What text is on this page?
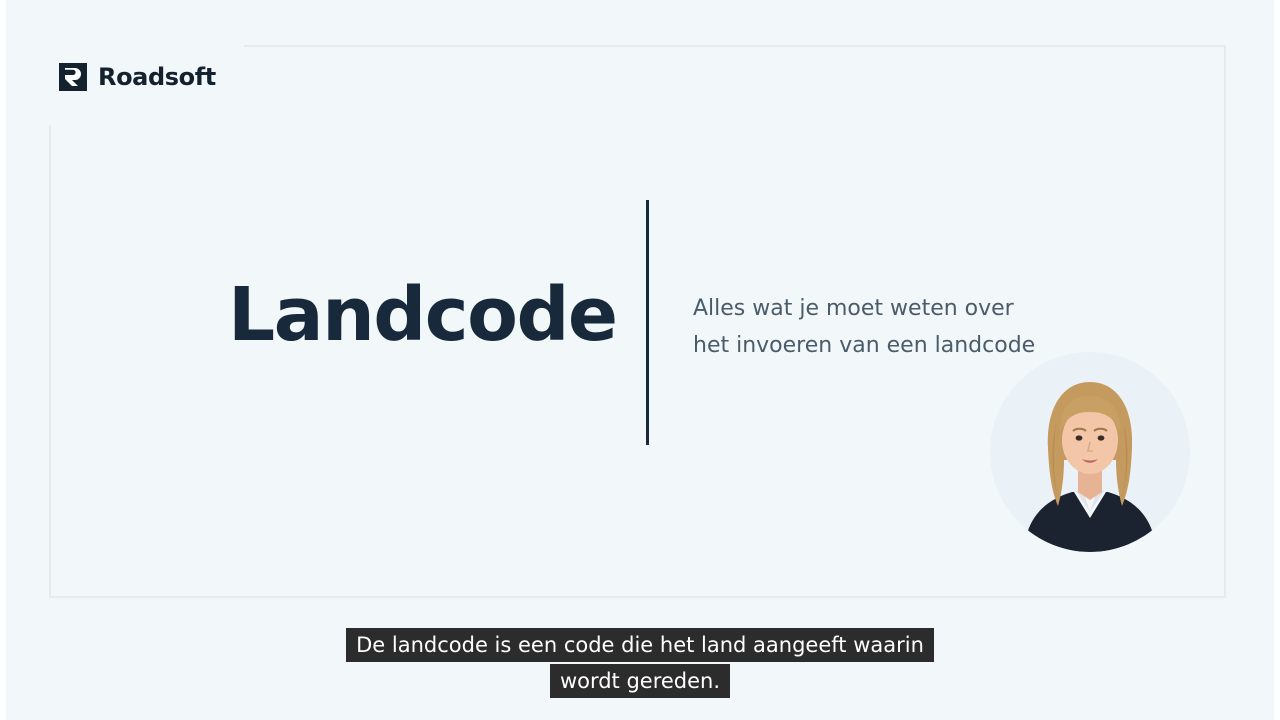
Roadsoft
Landcode	Alles wat je moet weten over
het invoeren van een landcode
De landcode is een code die het land aangeeft waarin
wordt gereden.
